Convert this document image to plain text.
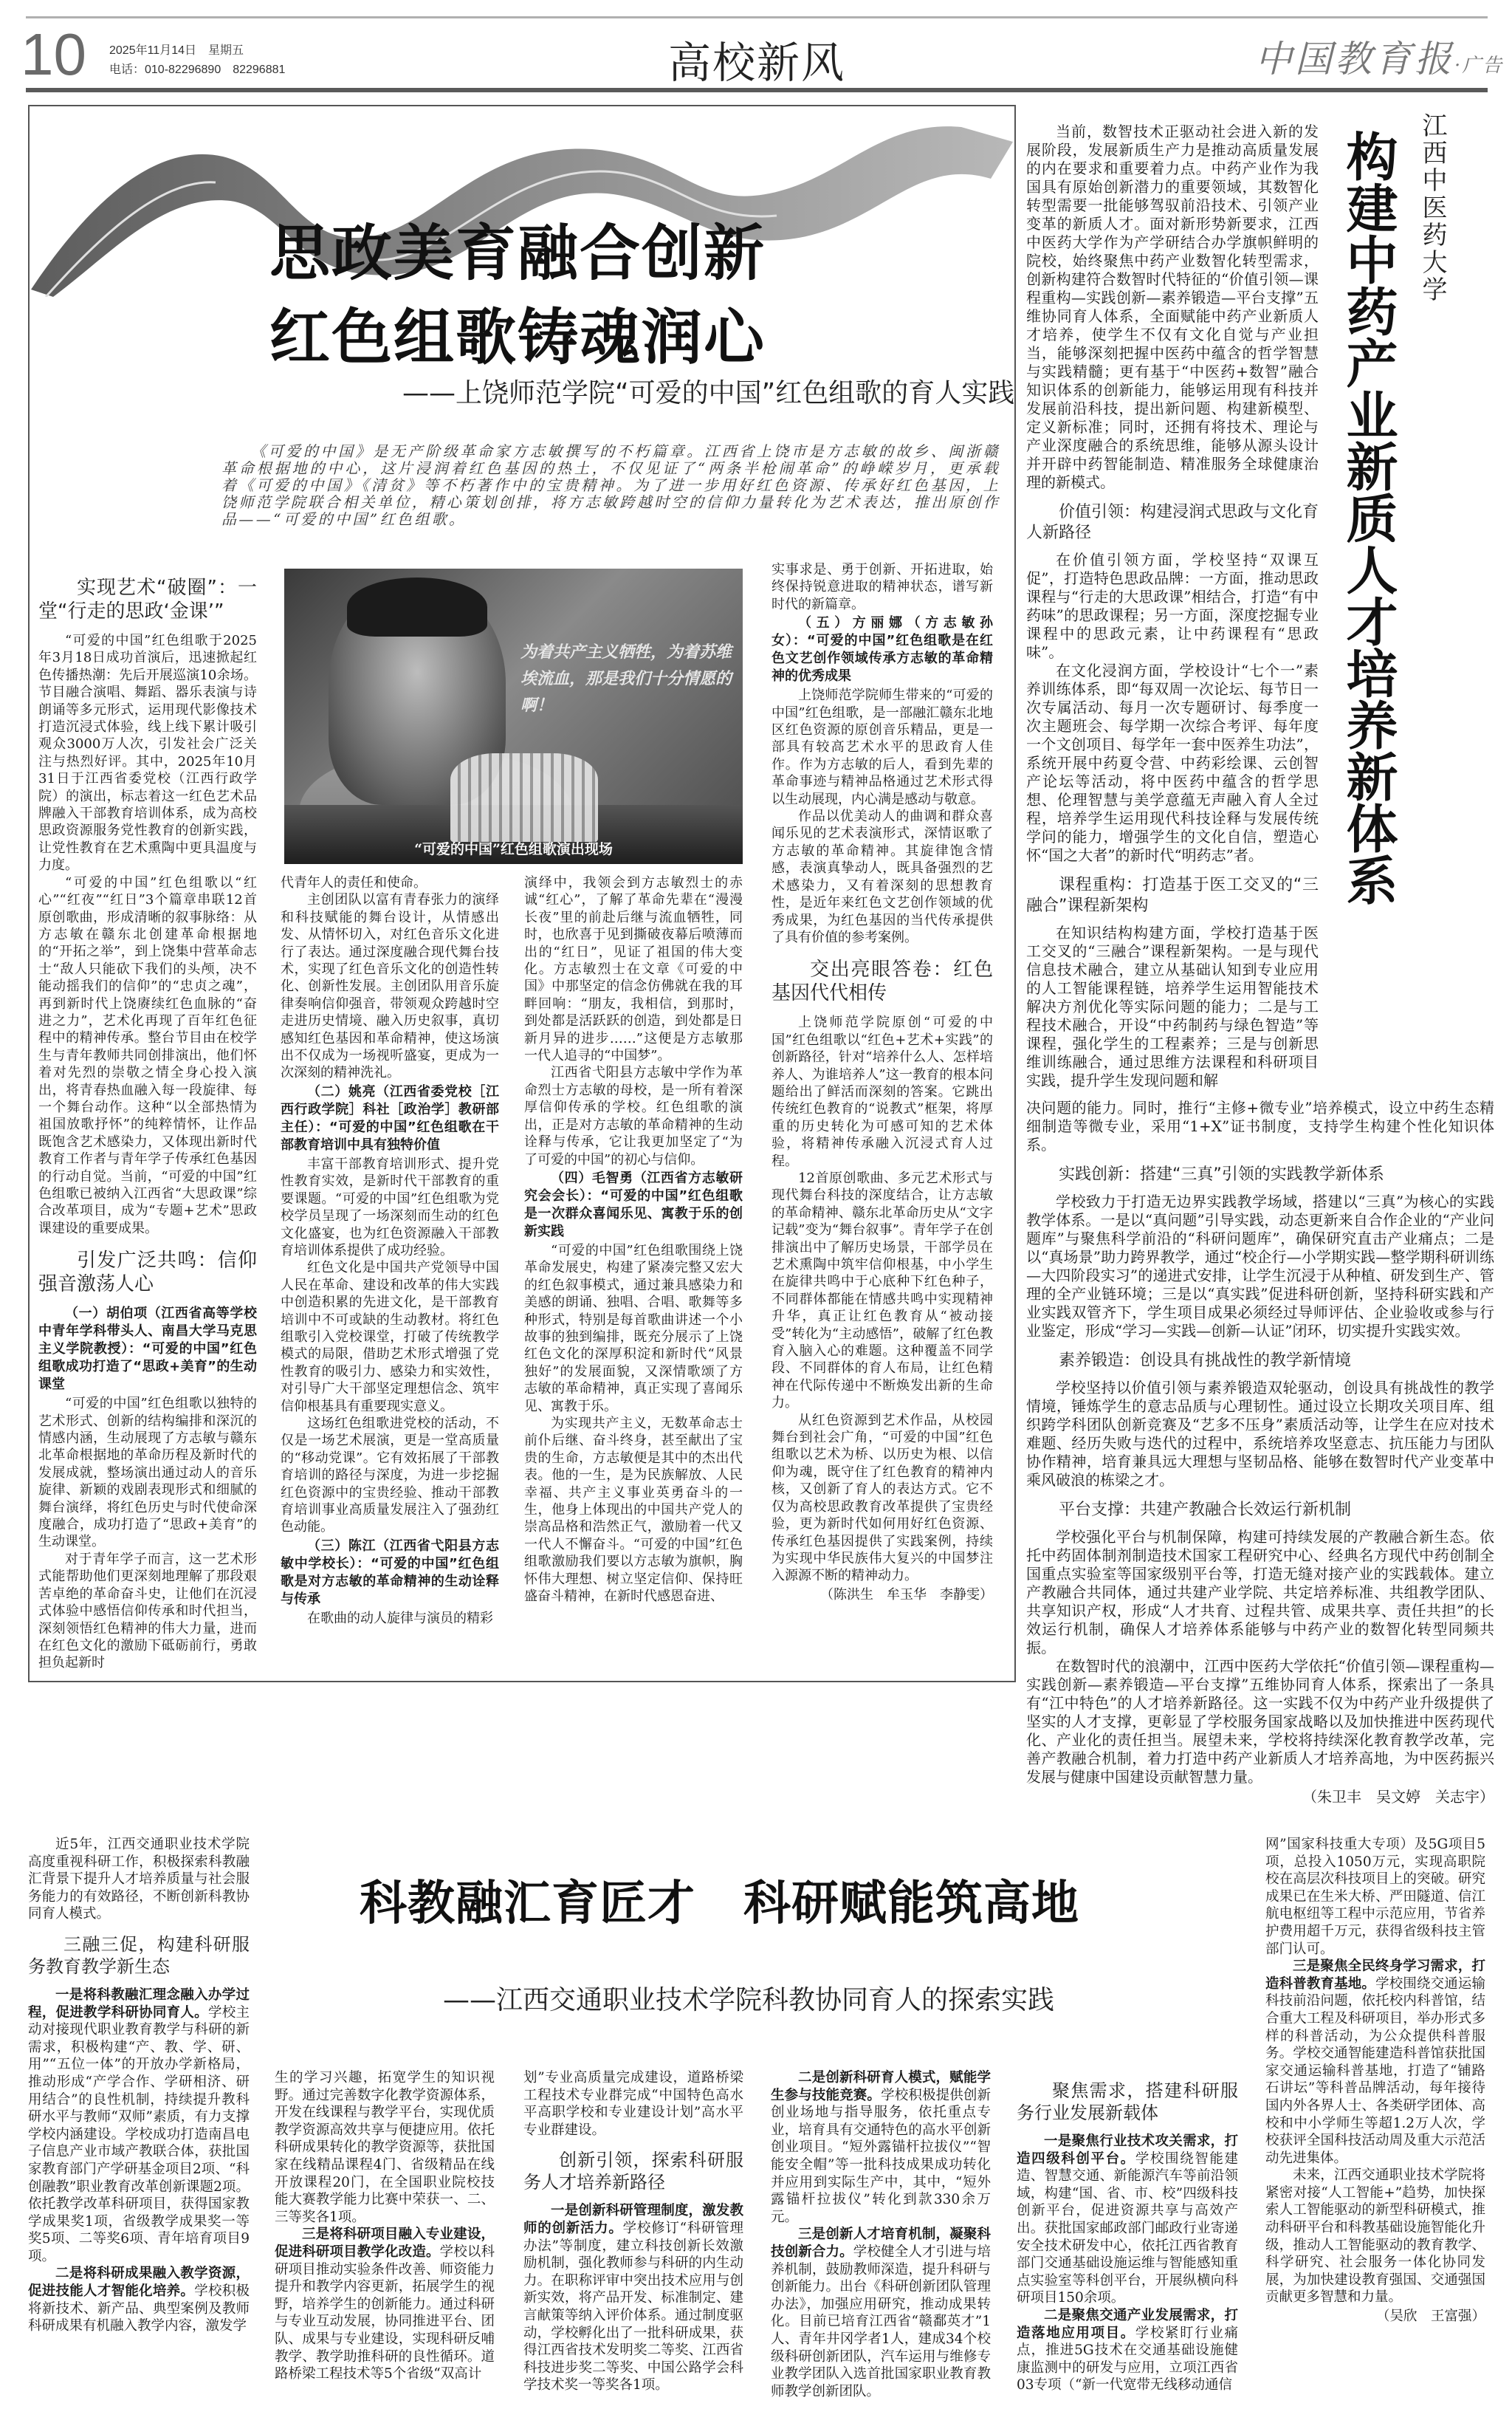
10 2025年11月14日　星期五
电话：010-82296890　82296881	高校新风	中国教育报·广告
思政美育融合创新
红色组歌铸魂润心
——上饶师范学院“可爱的中国”红色组歌的育人实践
《可爱的中国》是无产阶级革命家方志敏撰写的不朽篇章。江西省上饶市是方志敏的故乡、闽浙赣革命根据地的中心，这片浸润着红色基因的热土，不仅见证了“两条半枪闹革命”的峥嵘岁月，更承载着《可爱的中国》《清贫》等不朽著作中的宝贵精神。为了进一步用好红色资源、传承好红色基因，上饶师范学院联合相关单位，精心策划创排，将方志敏跨越时空的信仰力量转化为艺术表达，推出原创作品——“可爱的中国”红色组歌。
为着共产主义牺牲，为着苏维埃流血，那是我们十分情愿的啊！
“可爱的中国”红色组歌演出现场

实现艺术“破圈”：一堂“行走的思政‘金课’”

“可爱的中国”红色组歌于2025年3月18日成功首演后，迅速掀起红色传播热潮：先后开展巡演10余场。节目融合演唱、舞蹈、器乐表演与诗朗诵等多元形式，运用现代影像技术打造沉浸式体验，线上线下累计吸引观众3000万人次，引发社会广泛关注与热烈好评。其中，2025年10月31日于江西省委党校（江西行政学院）的演出，标志着这一红色艺术品牌融入干部教育培训体系，成为高校思政资源服务党性教育的创新实践，让党性教育在艺术熏陶中更具温度与力度。

“可爱的中国”红色组歌以“红心”“红夜”“红日”3个篇章串联12首原创歌曲，形成清晰的叙事脉络：从方志敏在赣东北创建革命根据地的“开拓之举”，到上饶集中营革命志士“敌人只能砍下我们的头颅，决不能动摇我们的信仰”的“忠贞之魂”，再到新时代上饶赓续红色血脉的“奋进之力”，艺术化再现了百年红色征程中的精神传承。整台节目由在校学生与青年教师共同创排演出，他们怀着对先烈的崇敬之情全身心投入演出，将青春热血融入每一段旋律、每一个舞台动作。这种“以全部热情为祖国放歌抒怀”的纯粹情怀，让作品既饱含艺术感染力，又体现出新时代教育工作者与青年学子传承红色基因的行动自觉。当前，“可爱的中国”红色组歌已被纳入江西省“大思政课”综合改革项目，成为“专题+艺术”思政课建设的重要成果。

引发广泛共鸣：信仰强音激荡人心

（一）胡伯项（江西省高等学校中青年学科带头人、南昌大学马克思主义学院教授）：“可爱的中国”红色组歌成功打造了“思政+美育”的生动课堂

“可爱的中国”红色组歌以独特的艺术形式、创新的结构编排和深沉的情感内涵，生动展现了方志敏与赣东北革命根据地的革命历程及新时代的发展成就，整场演出通过动人的音乐旋律、新颖的戏剧表现形式和细腻的舞台演绎，将红色历史与时代使命深度融合，成功打造了“思政+美育”的生动课堂。

对于青年学子而言，这一艺术形式能帮助他们更深刻地理解了那段艰苦卓绝的革命奋斗史，让他们在沉浸式体验中感悟信仰传承和时代担当，深刻领悟红色精神的伟大力量，进而在红色文化的激励下砥砺前行，勇敢担负起新时

代青年人的责任和使命。

主创团队以富有青春张力的演绎和科技赋能的舞台设计，从情感出发、从情怀切入，对红色音乐文化进行了表达。通过深度融合现代舞台技术，实现了红色音乐文化的创造性转化、创新性发展。主创团队用音乐旋律奏响信仰强音，带领观众跨越时空走进历史情境、融入历史叙事，真切感知红色基因和革命精神，使这场演出不仅成为一场视听盛宴，更成为一次深刻的精神洗礼。

（二）姚亮（江西省委党校［江西行政学院］科社［政治学］教研部主任）：“可爱的中国”红色组歌在干部教育培训中具有独特价值

丰富干部教育培训形式、提升党性教育实效，是新时代干部教育的重要课题。“可爱的中国”红色组歌为党校学员呈现了一场深刻而生动的红色文化盛宴，也为红色资源融入干部教育培训体系提供了成功经验。

红色文化是中国共产党领导中国人民在革命、建设和改革的伟大实践中创造积累的先进文化，是干部教育培训中不可或缺的生动教材。将红色组歌引入党校课堂，打破了传统教学模式的局限，借助艺术形式增强了党性教育的吸引力、感染力和实效性，对引导广大干部坚定理想信念、筑牢信仰根基具有重要现实意义。

这场红色组歌进党校的活动，不仅是一场艺术展演，更是一堂高质量的“移动党课”。它有效拓展了干部教育培训的路径与深度，为进一步挖掘红色资源中的宝贵经验、推动干部教育培训事业高质量发展注入了强劲红色动能。

（三）陈江（江西省弋阳县方志敏中学校长）：“可爱的中国”红色组歌是对方志敏的革命精神的生动诠释与传承

在歌曲的动人旋律与演员的精彩

演绎中，我领会到方志敏烈士的赤诚“红心”，了解了革命先辈在“漫漫长夜”里的前赴后继与流血牺牲，同时，也欣喜于见到撕破夜幕后喷薄而出的“红日”，见证了祖国的伟大变化。方志敏烈士在文章《可爱的中国》中那坚定的信念仿佛就在我的耳畔回响：“朋友，我相信，到那时，到处都是活跃跃的创造，到处都是日新月异的进步……”这便是方志敏那一代人追寻的“中国梦”。

江西省弋阳县方志敏中学作为革命烈士方志敏的母校，是一所有着深厚信仰传承的学校。红色组歌的演出，正是对方志敏的革命精神的生动诠释与传承，它让我更加坚定了“为了可爱的中国”的初心与信仰。

（四）毛智勇（江西省方志敏研究会会长）：“可爱的中国”红色组歌是一次群众喜闻乐见、寓教于乐的创新实践

“可爱的中国”红色组歌围绕上饶革命发展史，构建了紧凑完整又宏大的红色叙事模式，通过兼具感染力和美感的朗诵、独唱、合唱、歌舞等多种形式，特别是每首歌曲讲述一个小故事的独到编排，既充分展示了上饶红色文化的深厚积淀和新时代“风景独好”的发展面貌，又深情歌颂了方志敏的革命精神，真正实现了喜闻乐见、寓教于乐。

为实现共产主义，无数革命志士前仆后继、奋斗终身，甚至献出了宝贵的生命，方志敏便是其中的杰出代表。他的一生，是为民族解放、人民幸福、共产主义事业英勇奋斗的一生，他身上体现出的中国共产党人的崇高品格和浩然正气，激励着一代又一代人不懈奋斗。“可爱的中国”红色组歌激励我们要以方志敏为旗帜，胸怀伟大理想、树立坚定信仰、保持旺盛奋斗精神，在新时代感恩奋进、

实事求是、勇于创新、开拓进取，始终保持锐意进取的精神状态，谱写新时代的新篇章。

（五）方丽娜（方志敏孙女）：“可爱的中国”红色组歌是在红色文艺创作领域传承方志敏的革命精神的优秀成果

上饶师范学院师生带来的“可爱的中国”红色组歌，是一部融汇赣东北地区红色资源的原创音乐精品，更是一部具有较高艺术水平的思政育人佳作。作为方志敏的后人，看到先辈的革命事迹与精神品格通过艺术形式得以生动展现，内心满是感动与敬意。

作品以优美动人的曲调和群众喜闻乐见的艺术表演形式，深情讴歌了方志敏的革命精神。其旋律饱含情感，表演真挚动人，既具备强烈的艺术感染力，又有着深刻的思想教育性，是近年来红色文艺创作领域的优秀成果，为红色基因的当代传承提供了具有价值的参考案例。

交出亮眼答卷：红色基因代代相传

上饶师范学院原创“可爱的中国”红色组歌以“红色+艺术+实践”的创新路径，针对“培养什么人、怎样培养人、为谁培养人”这一教育的根本问题给出了鲜活而深刻的答案。它跳出传统红色教育的“说教式”框架，将厚重的历史转化为可感可知的艺术体验，将精神传承融入沉浸式育人过程。

12首原创歌曲、多元艺术形式与现代舞台科技的深度结合，让方志敏的革命精神、赣东北革命历史从“文字记载”变为“舞台叙事”。青年学子在创排演出中了解历史场景，干部学员在艺术熏陶中筑牢信仰根基，中小学生在旋律共鸣中于心底种下红色种子，不同群体都能在情感共鸣中实现精神升华，真正让红色教育从“被动接受”转化为“主动感悟”，破解了红色教育入脑入心的难题。这种覆盖不同学段、不同群体的育人布局，让红色精神在代际传递中不断焕发出新的生命力。

从红色资源到艺术作品，从校园舞台到社会广角，“可爱的中国”红色组歌以艺术为桥、以历史为根、以信仰为魂，既守住了红色教育的精神内核，又创新了育人的表达方式。它不仅为高校思政教育改革提供了宝贵经验，更为新时代如何用好红色资源、传承红色基因提供了实践案例，持续为实现中华民族伟大复兴的中国梦注入源源不断的精神动力。

（陈洪生　牟玉华　李静雯）

江西中医药大学
构建中药产业新质人才培养新体系

当前，数智技术正驱动社会进入新的发展阶段，发展新质生产力是推动高质量发展的内在要求和重要着力点。中药产业作为我国具有原始创新潜力的重要领域，其数智化转型需要一批能够驾驭前沿技术、引领产业变革的新质人才。面对新形势新要求，江西中医药大学作为产学研结合办学旗帜鲜明的院校，始终聚焦中药产业数智化转型需求，创新构建符合数智时代特征的“价值引领—课程重构—实践创新—素养锻造—平台支撑”五维协同育人体系，全面赋能中药产业新质人才培养，使学生不仅有文化自觉与产业担当，能够深刻把握中医药中蕴含的哲学智慧与实践精髓；更有基于“中医药+数智”融合知识体系的创新能力，能够运用现有科技并发展前沿科技，提出新问题、构建新模型、定义新标准；同时，还拥有将技术、理论与产业深度融合的系统思维，能够从源头设计并开辟中药智能制造、精准服务全球健康治理的新模式。

价值引领：构建浸润式思政与文化育人新路径

在价值引领方面，学校坚持“双课互促”，打造特色思政品牌：一方面，推动思政课程与“行走的大思政课”相结合，打造“有中药味”的思政课程；另一方面，深度挖掘专业课程中的思政元素，让中药课程有“思政味”。

在文化浸润方面，学校设计“七个一”素养训练体系，即“每双周一次论坛、每节日一次专属活动、每月一次专题研讨、每季度一次主题班会、每学期一次综合考评、每年度一个文创项目、每学年一套中医养生功法”，系统开展中药夏令营、中药彩绘课、云创智产论坛等活动，将中医药中蕴含的哲学思想、伦理智慧与美学意蕴无声融入育人全过程，培养学生运用现代科技诠释与发展传统学问的能力，增强学生的文化自信，塑造心怀“国之大者”的新时代“明药志”者。

课程重构：打造基于医工交叉的“三融合”课程新架构

在知识结构构建方面，学校打造基于医工交叉的“三融合”课程新架构。一是与现代信息技术融合，建立从基础认知到专业应用的人工智能课程链，培养学生运用智能技术解决方剂优化等实际问题的能力；二是与工程技术融合，开设“中药制药与绿色智造”等课程，强化学生的工程素养；三是与创新思维训练融合，通过思维方法课程和科研项目实践，提升学生发现问题和解

决问题的能力。同时，推行“主修+微专业”培养模式，设立中药生态精细制造等微专业，采用“1+X”证书制度，支持学生构建个性化知识体系。

实践创新：搭建“三真”引领的实践教学新体系

学校致力于打造无边界实践教学场域，搭建以“三真”为核心的实践教学体系。一是以“真问题”引导实践，动态更新来自合作企业的“产业问题库”与聚焦科学前沿的“科研问题库”，确保研究直击产业痛点；二是以“真场景”助力跨界教学，通过“校企行—小学期实践—整学期科研训练—大四阶段实习”的递进式安排，让学生沉浸于从种植、研发到生产、管理的全产业链环境；三是以“真实践”促进科研创新，坚持科研实践和产业实践双管齐下，学生项目成果必须经过导师评估、企业验收或参与行业鉴定，形成“学习—实践—创新—认证”闭环，切实提升实践实效。

素养锻造：创设具有挑战性的教学新情境

学校坚持以价值引领与素养锻造双轮驱动，创设具有挑战性的教学情境，锤炼学生的意志品质与心理韧性。通过设立长期攻关项目库、组织跨学科团队创新竞赛及“艺多不压身”素质活动等，让学生在应对技术难题、经历失败与迭代的过程中，系统培养攻坚意志、抗压能力与团队协作精神，培育兼具远大理想与坚韧品格、能够在数智时代产业变革中乘风破浪的栋梁之才。

平台支撑：共建产教融合长效运行新机制

学校强化平台与机制保障，构建可持续发展的产教融合新生态。依托中药固体制剂制造技术国家工程研究中心、经典名方现代中药创制全国重点实验室等国家级别平台等，打造无缝对接产业的实践载体。建立产教融合共同体，通过共建产业学院、共定培养标准、共组教学团队、共享知识产权，形成“人才共育、过程共管、成果共享、责任共担”的长效运行机制，确保人才培养体系能够与中药产业的数智化转型同频共振。

在数智时代的浪潮中，江西中医药大学依托“价值引领—课程重构—实践创新—素养锻造—平台支撑”五维协同育人体系，探索出了一条具有“江中特色”的人才培养新路径。这一实践不仅为中药产业升级提供了坚实的人才支撑，更彰显了学校服务国家战略以及加快推进中医药现代化、产业化的责任担当。展望未来，学校将持续深化教育教学改革，完善产教融合机制，着力打造中药产业新质人才培养高地，为中医药振兴发展与健康中国建设贡献智慧力量。

（朱卫丰　吴文婷　关志宇）

科教融汇育匠才　科研赋能筑高地
——江西交通职业技术学院科教协同育人的探索实践

近5年，江西交通职业技术学院高度重视科研工作，积极探索科教融汇背景下提升人才培养质量与社会服务能力的有效路径，不断创新科教协同育人模式。

三融三促，构建科研服务教育教学新生态

一是将科教融汇理念融入办学过程，促进教学科研协同育人。学校主动对接现代职业教育教学与科研的新需求，积极构建“产、教、学、研、用”“五位一体”的开放办学新格局，推动形成“产学合作、学研相济、研用结合”的良性机制，持续提升教科研水平与教师“双师”素质，有力支撑学校内涵建设。学校成功打造南昌电子信息产业市域产教联合体，获批国家教育部门产学研基金项目2项、“科创融教”职业教育改革创新课题2项。依托教学改革科研项目，获得国家教学成果奖1项，省级教学成果奖一等奖5项、二等奖6项、青年培育项目9项。

二是将科研成果融入教学资源，促进技能人才智能化培养。学校积极将新技术、新产品、典型案例及教师科研成果有机融入教学内容，激发学

生的学习兴趣，拓宽学生的知识视野。通过完善数字化教学资源体系，开发在线课程与教学平台，实现优质教学资源高效共享与便捷应用。依托科研成果转化的教学资源等，获批国家在线精品课程4门、省级精品在线开放课程20门，在全国职业院校技能大赛教学能力比赛中荣获一、二、三等奖各1项。

三是将科研项目融入专业建设，促进科研项目教学化改造。学校以科研项目推动实验条件改善、师资能力提升和教学内容更新，拓展学生的视野，培养学生的创新能力。通过科研与专业互动发展，协同推进平台、团队、成果与专业建设，实现科研反哺教学、教学助推科研的良性循环。道路桥梁工程技术等5个省级“双高计

划”专业高质量完成建设，道路桥梁工程技术专业群完成“中国特色高水平高职学校和专业建设计划”高水平专业群建设。

创新引领，探索科研服务人才培养新路径

一是创新科研管理制度，激发教师的创新活力。学校修订“科研管理办法”等制度，建立科技创新长效激励机制，强化教师参与科研的内生动力。在职称评审中突出技术应用与创新实效，将产品开发、标准制定、建言献策等纳入评价体系。通过制度驱动，学校孵化出了一批科研成果，获得江西省技术发明奖二等奖、江西省科技进步奖二等奖、中国公路学会科学技术奖一等奖各1项。

二是创新科研育人模式，赋能学生参与技能竞赛。学校积极提供创新创业场地与指导服务，依托重点专业，培育具有交通特色的高水平创新创业项目。“短外露锚杆拉拔仪”“智能安全帽”等一批科技成果成功转化并应用到实际生产中，其中，“短外露锚杆拉拔仪”转化到款330余万元。

三是创新人才培育机制，凝聚科技创新合力。学校健全人才引进与培养机制，鼓励教师深造，提升科研与创新能力。出台《科研创新团队管理办法》，加强应用研究，推动成果转化。目前已培育江西省“赣鄱英才”1人、青年井冈学者1人，建成34个校级科研创新团队，汽车运用与维修专业教学团队入选首批国家职业教育教师教学创新团队。

聚焦需求，搭建科研服务行业发展新载体

一是聚焦行业技术攻关需求，打造四级科创平台。学校围绕智能建造、智慧交通、新能源汽车等前沿领域，构建“国、省、市、校”四级科技创新平台，促进资源共享与高效产出。获批国家邮政部门邮政行业寄递安全技术研发中心，依托江西省教育部门交通基础设施运维与智能感知重点实验室等科创平台，开展纵横向科研项目150余项。

二是聚焦交通产业发展需求，打造落地应用项目。学校紧盯行业痛点，推进5G技术在交通基础设施健康监测中的研发与应用，立项江西省03专项（“新一代宽带无线移动通信

网”国家科技重大专项）及5G项目5项，总投入1050万元，实现高职院校在高层次科技项目上的突破。研究成果已在生米大桥、严田隧道、信江航电枢纽等工程中示范应用，节省养护费用超千万元，获得省级科技主管部门认可。

三是聚焦全民终身学习需求，打造科普教育基地。学校围绕交通运输科技前沿问题，依托校内科普馆，结合重大工程及科研项目，举办形式多样的科普活动，为公众提供科普服务。学校交通智能建造科普馆获批国家交通运输科普基地，打造了“铺路石讲坛”等科普品牌活动，每年接待国内外各界人士、各类研学团体、高校和中小学师生等超1.2万人次，学校获评全国科技活动周及重大示范活动先进集体。

未来，江西交通职业技术学院将紧密对接“人工智能+”趋势，加快探索人工智能驱动的新型科研模式，推动科研平台和科教基础设施智能化升级，推动人工智能驱动的教育教学、科学研究、社会服务一体化协同发展，为加快建设教育强国、交通强国贡献更多智慧和力量。

（吴欣　王富强）
